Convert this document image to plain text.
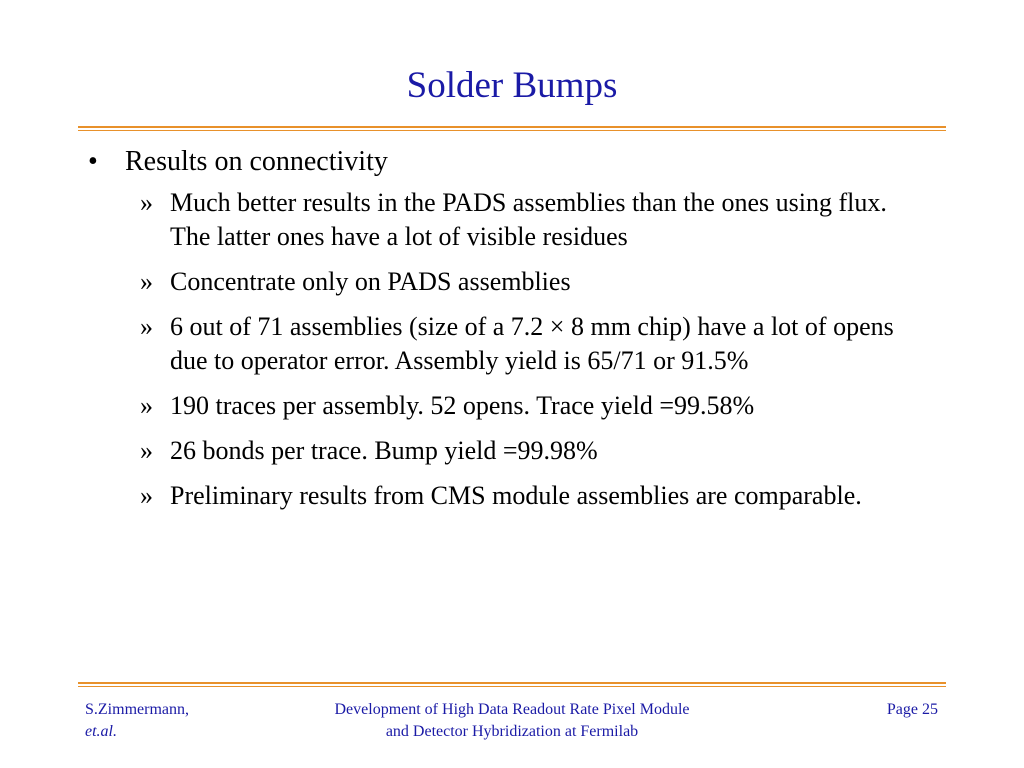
Solder Bumps
• Results on connectivity
» Much better results in the PADS assemblies than the ones using flux. The latter ones have a lot of visible residues
» Concentrate only on PADS assemblies
» 6 out of 71 assemblies (size of a 7.2 × 8 mm chip) have a lot of opens due to operator error. Assembly yield is 65/71 or 91.5%
» 190 traces per assembly. 52 opens. Trace yield =99.58%
» 26 bonds per trace. Bump yield =99.98%
» Preliminary results from CMS module assemblies are comparable.
S.Zimmermann,
et.al.
Development of High Data Readout Rate Pixel Module
and Detector Hybridization at Fermilab
Page 25
